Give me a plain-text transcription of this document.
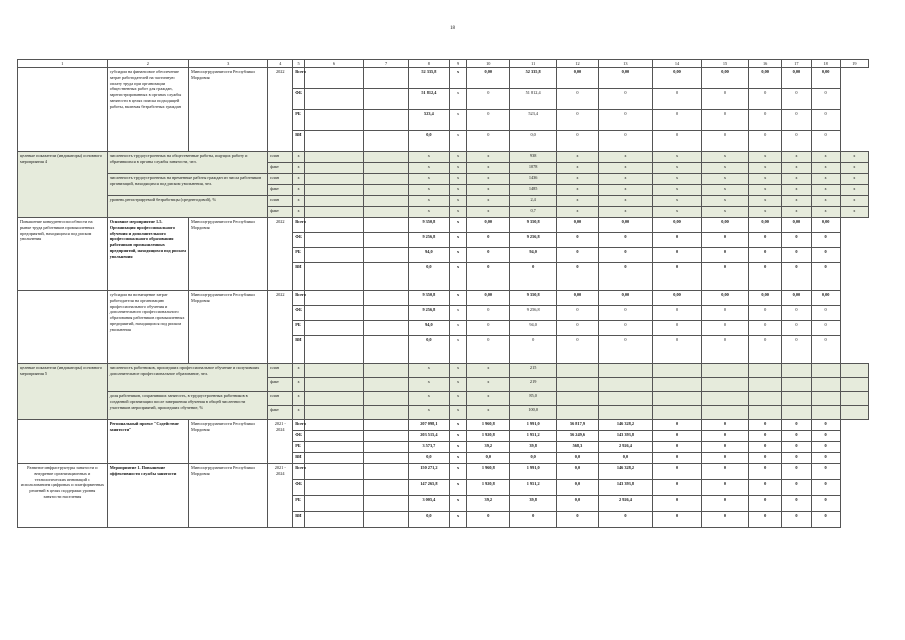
18
1	2	3	4	5	6	7	8	9	10	11	12	13	14	15	16	17	18	19
	субсидии на финансовое обеспечение затрат работодателей на частичную оплату труда при организации общественных работ для граждан, зарегистрированных в органах службы занятости в целях поиска подходящей работы, включая безработных граждан	Минсоцтрудзанятости Республики Мордовия	2022	Всего			52 335,8	х	0,00	52 335,8	0,00	0,00	0,00	0,00	0,00	0,00	0,00	
				ФБ			51 812,4	х	0	51 812,4	0	0	0	0	0	0	0	
				РБ			523,4	х	0	523,4	0	0	0	0	0	0	0	
				ВИ			0,0	х	0	0,0	0	0	0	0	0	0	0	
целевые показатели (индикаторы) основного мероприятия 4	численность трудоустроенных на общественные работы, ищущих работу и обратившихся в органы службы занятости, чел.		план	х			х	х	х	938	х	х	х	х	х	х	х	х
			факт	х			х	х	х	1078	х	х	х	х	х	х	х	х
	численность трудоустроенных на временные работы граждан из числа работников организаций, находящихся под риском увольнения, чел.		план	х			х	х	х	1436	х	х	х	х	х	х	х	х
			факт	х			х	х	х	1485	х	х	х	х	х	х	х	х
	уровень регистрируемой безработицы (среднегодовой), %		план	х			х	х	х	2,4	х	х	х	х	х	х	х	х
			факт	х			х	х	х	0,7	х	х	х	х	х	х	х	х
Повышение конкурентоспособности на рынке труда работников промышленных предприятий, находящихся под риском увольнения	Основное мероприятие 1.5. Организация профессионального обучения и дополнительного профессионального образования работников промышленных предприятий, находящихся под риском увольнения	Минсоцтрудзанятости Республики Мордовия	2022	Всего			9 350,8	х	0,00	9 350,8	0,00	0,00	0,00	0,00	0,00	0,00	0,00	
				ФБ			9 256,8	х	0	9 256,8	0	0	0	0	0	0	0	
				РБ			94,0	х	0	94,0	0	0	0	0	0	0	0	
				ВИ			0,0	х	0	0	0	0	0	0	0	0	0	
	субсидии на возмещение затрат работодателя на организацию профессионального обучения и дополнительного профессионального образования работников промышленных предприятий, находящихся под риском увольнения	Минсоцтрудзанятости Республики Мордовия	2022	Всего			9 350,8	х	0,00	9 350,8	0,00	0,00	0,00	0,00	0,00	0,00	0,00	
				ФБ			9 256,8	х	0	9 256,8	0	0	0	0	0	0	0	
				РБ			94,0	х	0	94,0	0	0	0	0	0	0	0	
				ВИ			0,0	х	0	0	0	0	0	0	0	0	0	
целевые показатели (индикаторы) основного мероприятия 5	численность работников, прошедших профессиональное обучение и получивших дополнительное профессиональное образование, чел.		план	х			х	х	х	215								
			факт	х			х	х	х	219								
	доля работников, сохранивших занятость, в трудоустроенных работников в созданной организации после завершения обучения в общей численности участников мероприятий, прошедших обучение, %		план	х			х	х	х	85,0								
			факт	х			х	х	х	100,0								
	Региональный проект "Содействие занятости"	Минсоцтрудзанятости Республики Мордовия	2021 - 2024	Всего			207 098,1	х	1 960,8	1 991,0	56 817,9	146 328,2	0	0	0	0	0	
				ФБ			203 515,4	х	1 920,8	1 951,2	56 249,6	143 393,8	0	0	0	0	0	
				РБ			3 573,7	х	39,2	39,8	568,3	2 926,4	0	0	0	0	0	
				ВИ			0,0	х	0,0	0,0	0,0	0,0	0	0	0	0	0	
Развитие инфраструктуры занятости и внедрение организационных и технологических инноваций с использованием цифровых и платформенных решений в целях поддержки уровня занятости населения	Мероприятие 1. Повышение эффективности службы занятости	Минсоцтрудзанятости Республики Мордовия	2021 - 2024	Всего			150 271,2	х	1 960,8	1 991,0	0,0	146 328,2	0	0	0	0	0	
				ФБ			147 265,8	х	1 920,8	1 951,2	0,0	143 393,8	0	0	0	0	0	
				РБ			3 005,4	х	39,2	39,8	0,0	2 926,4	0	0	0	0	0	
				ВИ			0,0	х	0	0	0	0	0	0	0	0	0	
